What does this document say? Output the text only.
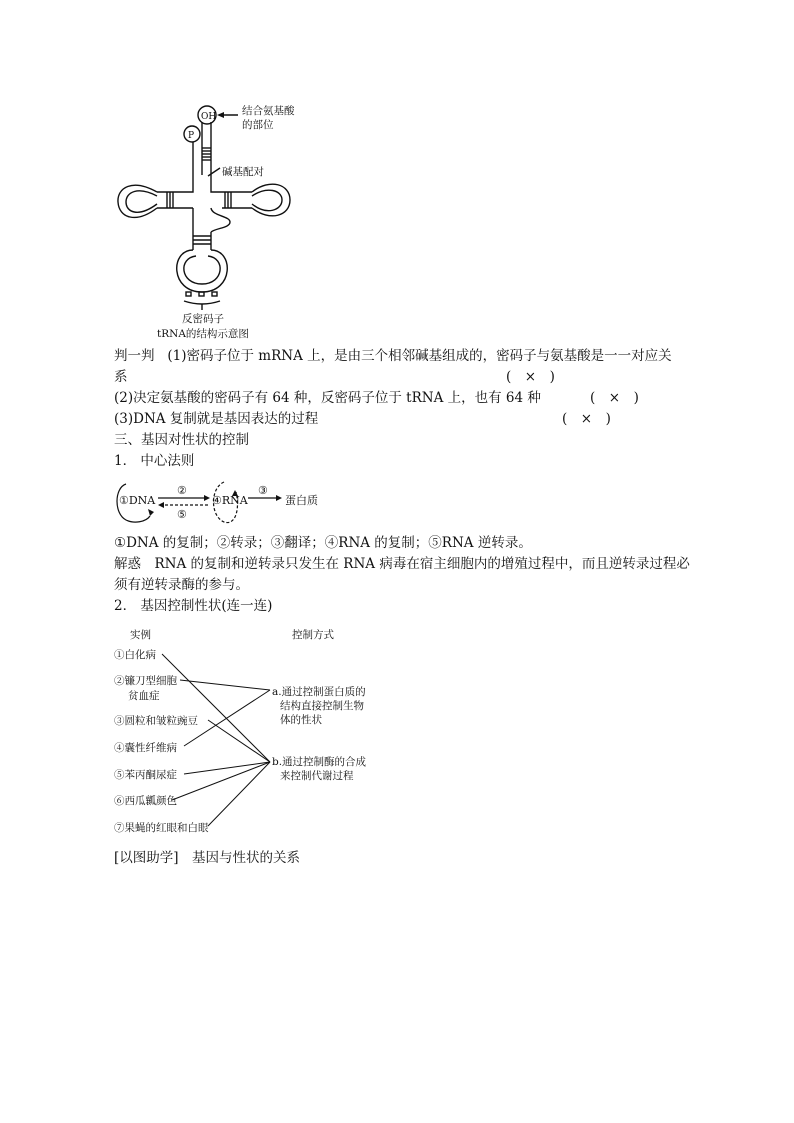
OH
P
结合氨基酸
的部位
碱基配对
反密码子
tRNA的结构示意图
判一判 (1)密码子位于 mRNA 上，是由三个相邻碱基组成的，密码子与氨基酸是一一对应关
系	(　×　)
(2)决定氨基酸的密码子有 64 种，反密码子位于 tRNA 上，也有 64 种	(　×　)
(3)DNA 复制就是基因表达的过程	(　×　)
三、基因对性状的控制
1． 中心法则
①DNA	④RNA	蛋白质
②	③
⑤
①DNA 的复制；②转录；③翻译；④RNA 的复制；⑤RNA 逆转录。
解惑　RNA 的复制和逆转录只发生在 RNA 病毒在宿主细胞内的增殖过程中，而且逆转录过程必
须有逆转录酶的参与。
2． 基因控制性状(连一连)
实例	控制方式
①白化病
②镰刀型细胞
贫血症
③圆粒和皱粒豌豆
④囊性纤维病
⑤苯丙酮尿症
⑥西瓜瓤颜色
⑦果蝇的红眼和白眼
a.通过控制蛋白质的
结构直接控制生物
体的性状
b.通过控制酶的合成
来控制代谢过程
[以图助学]　基因与性状的关系
